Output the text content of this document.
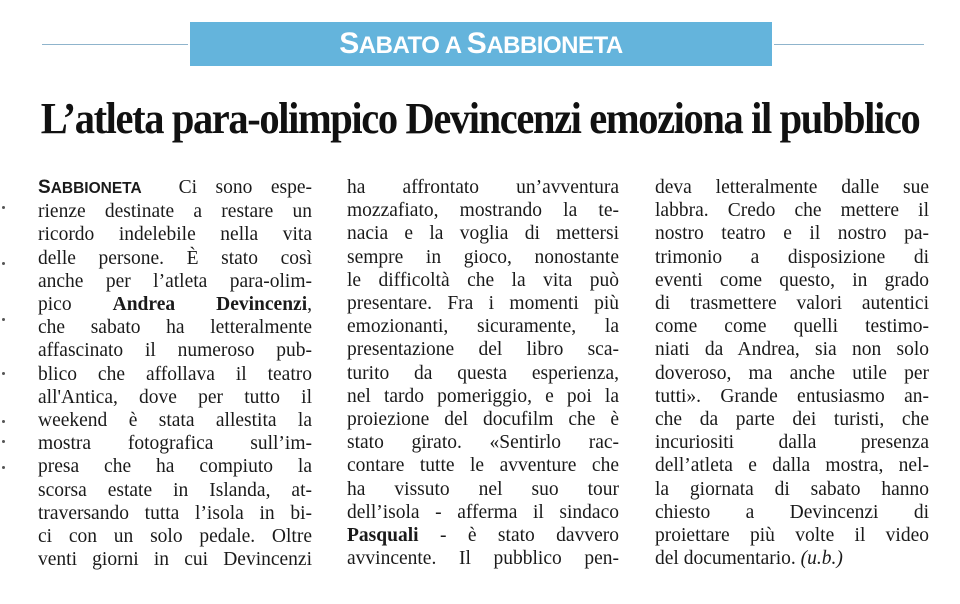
SABATO A SABBIONETA
L’atleta para-olimpico Devincenzi emoziona il pubblico
SABBIONETA Ci sono espe-
rienze destinate a restare un
ricordo indelebile nella vita
delle persone. È stato così
anche per l’atleta para-olim-
pico Andrea Devincenzi,
che sabato ha letteralmente
affascinato il numeroso pub-
blico che affollava il teatro
all'Antica, dove per tutto il
weekend è stata allestita la
mostra fotografica sull’im-
presa che ha compiuto la
scorsa estate in Islanda, at-
traversando tutta l’isola in bi-
ci con un solo pedale. Oltre
venti giorni in cui Devincenzi
ha affrontato un’avventura
mozzafiato, mostrando la te-
nacia e la voglia di mettersi
sempre in gioco, nonostante
le difficoltà che la vita può
presentare. Fra i momenti più
emozionanti, sicuramente, la
presentazione del libro sca-
turito da questa esperienza,
nel tardo pomeriggio, e poi la
proiezione del docufilm che è
stato girato. «Sentirlo rac-
contare tutte le avventure che
ha vissuto nel suo tour
dell’isola - afferma il sindaco
Pasquali - è stato davvero
avvincente. Il pubblico pen-
deva letteralmente dalle sue
labbra. Credo che mettere il
nostro teatro e il nostro pa-
trimonio a disposizione di
eventi come questo, in grado
di trasmettere valori autentici
come come quelli testimo-
niati da Andrea, sia non solo
doveroso, ma anche utile per
tutti». Grande entusiasmo an-
che da parte dei turisti, che
incuriositi dalla presenza
dell’atleta e dalla mostra, nel-
la giornata di sabato hanno
chiesto a Devincenzi di
proiettare più volte il video
del documentario. (u.b.)
